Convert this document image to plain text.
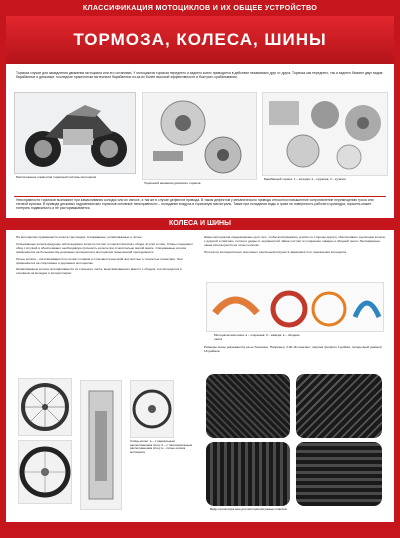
КЛАССИФИКАЦИЯ МОТОЦИКЛОВ И ИХ ОБЩЕЕ УСТРОЙСТВО
ТОРМОЗА, КОЛЕСА, ШИНЫ
Тормоза служат для замедления движения мотоцикла или его остановки. У мотоциклов тормоза переднего и заднего колес приводятся в действие независимо друг от друга. Тормоза как переднего, так и заднего бывают двух видов: барабанные и дисковые, последние практически вытеснили барабанные из-за их более высокой эффективности и быстрого срабатывания.
Расположение элементов тормозной системы мотоцикла
Тормозной механизм дискового тормоза
Барабанный тормоз: 1 – колодка; 2 – пружина; 3 – кулачок
Неисправности тормозов возникают при замасливании колодок или их износе, а так же в случае дефектов привода. В таком дефектом у механического привода относится повышенное сопротивление перемещению троса или тяговой кулачка. В приводе дисковых гидравлических тормозов основные неисправности – попадание воздуха в тормозную магистраль. Также при попадании воды и грязи на поверхность рабочего цилиндра, поршень может потерять подвижность и не растормаживается.
КОЛЕСА И ШИНЫ

На мотоциклах применяются колеса трех видов: спицованные, штампованные и литые.

Спицованные колеса (ведущее и/или ведомое колесо) состоят из металлического обода, втулки и спиц. Спицы соединяют обод с втулкой и обеспечивают необходимую прочность колеса при относительно малой массе. Спицованные колеса применяются на большинстве дорожных мотоциклов и мотоциклов повышенной проходимости.

Литые колеса – изготавливаются из легких сплавов и отличаются высокой жесткостью и точностью геометрии. Они применяются на спортивных и дорожных мотоциклах.

Штампованные колеса изготавливаются из стального листа, выштампованного вместе с ободом, и используются в основном на мопедах и мотороллерах.

Спицы колес: а – с радиальным расположением спиц; б – с тангенциальным расположением спиц; в – литые колеса мотоцикла

Шины мотоциклов предназначены для того, чтобы воспринимать усилия со стороны дороги, обеспечивать сцепление колеса с дорогой и смягчать толчки и удары от неровностей. Шина состоит из покрышки, камеры и ободной ленты. Бескамерные шины используются на литых колесах.

Протектор мотоциклетных шин имеет различный рисунок в зависимости от назначения мотоцикла.

Мотоциклетная шина: а – покрышка; б – камера; в – ободная лента

Размеры шины указываются на ее боковине. Например, 3.00-18 означает: ширина профиля 3 дюйма, посадочный диаметр 18 дюймов.

Виды протектора шин для мотоциклов разных классов
